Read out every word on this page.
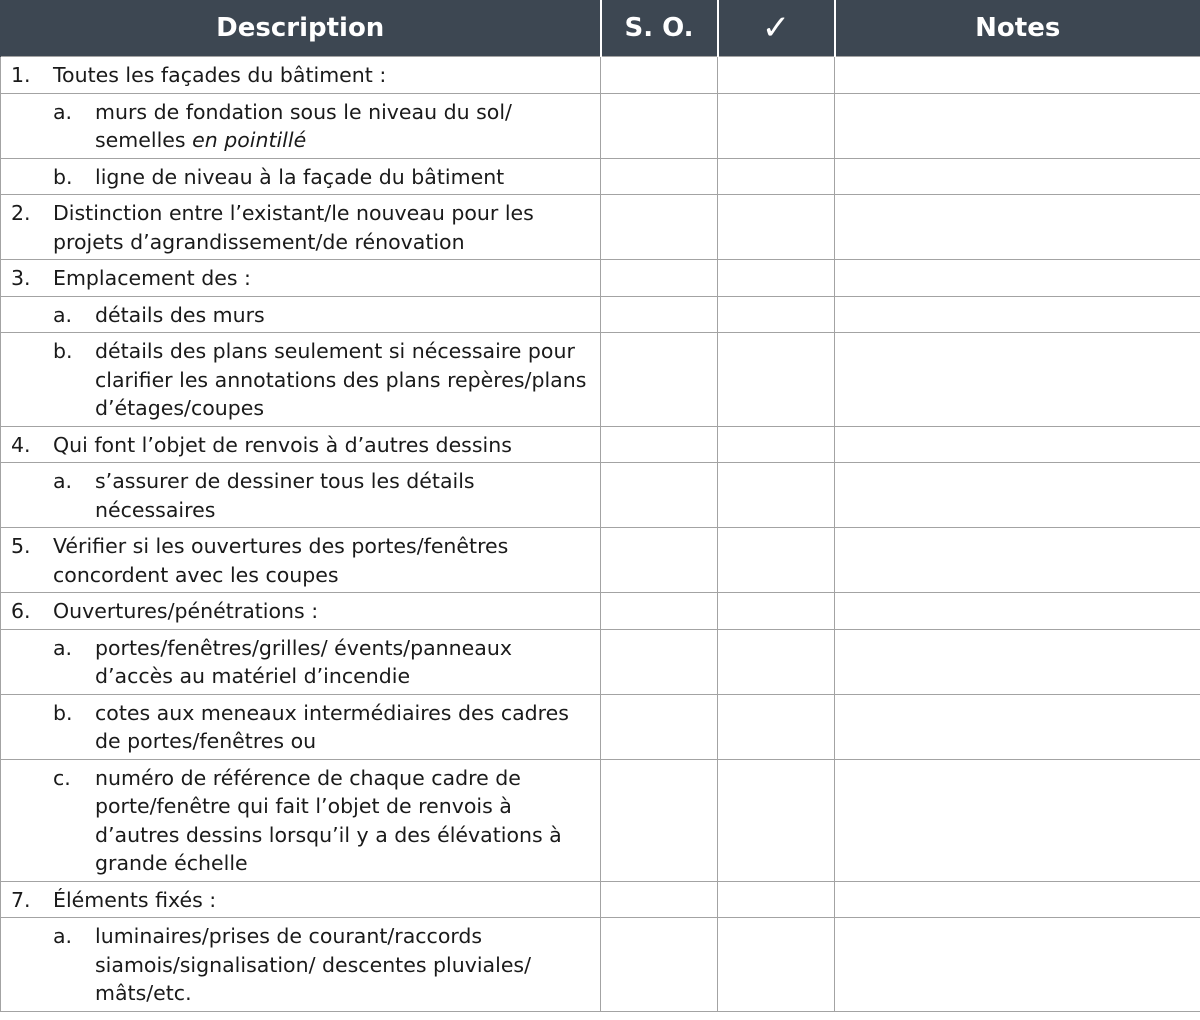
Description	S. O.	✓	Notes

1. Toutes les façades du bâtiment :			

a. murs de fondation sous le niveau du sol/ semelles en pointillé			

b. ligne de niveau à la façade du bâtiment			

2. Distinction entre l’existant/le nouveau pour les projets d’agrandissement/de rénovation			

3. Emplacement des :			

a. détails des murs			

b. détails des plans seulement si nécessaire pour clarifier les annotations des plans repères/plans d’étages/coupes			

4. Qui font l’objet de renvois à d’autres dessins			

a. s’assurer de dessiner tous les détails nécessaires			

5. Vérifier si les ouvertures des portes/fenêtres concordent avec les coupes			

6. Ouvertures/pénétrations :			

a. portes/fenêtres/grilles/ évents/panneaux d’accès au matériel d’incendie			

b. cotes aux meneaux intermédiaires des cadres de portes/fenêtres ou			

c. numéro de référence de chaque cadre de porte/fenêtre qui fait l’objet de renvois à d’autres dessins lorsqu’il y a des élévations à grande échelle			

7. Éléments fixés :			

a. luminaires/prises de courant/raccords siamois/signalisation/ descentes pluviales/ mâts/etc.			
